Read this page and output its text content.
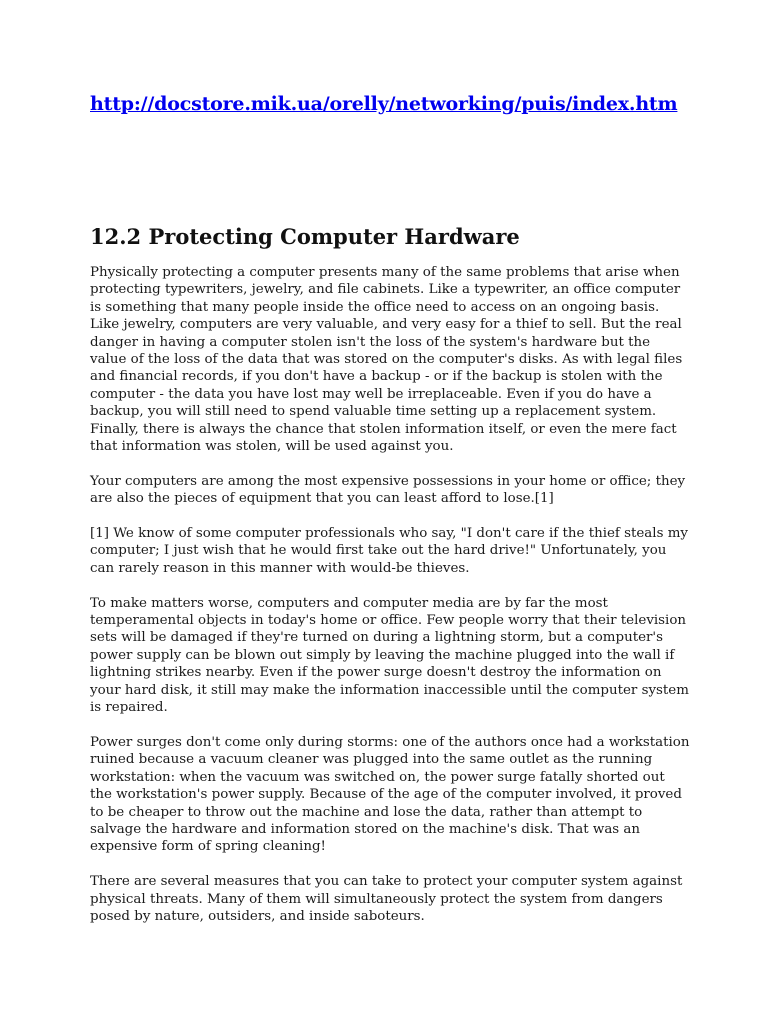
http://docstore.mik.ua/orelly/networking/puis/index.htm
12.2 Protecting Computer Hardware

Physically protecting a computer presents many of the same problems that arise when protecting typewriters, jewelry, and file cabinets. Like a typewriter, an office computer is something that many people inside the office need to access on an ongoing basis. Like jewelry, computers are very valuable, and very easy for a thief to sell. But the real danger in having a computer stolen isn't the loss of the system's hardware but the value of the loss of the data that was stored on the computer's disks. As with legal files and financial records, if you don't have a backup - or if the backup is stolen with the computer - the data you have lost may well be irreplaceable. Even if you do have a backup, you will still need to spend valuable time setting up a replacement system. Finally, there is always the chance that stolen information itself, or even the mere fact that information was stolen, will be used against you.

Your computers are among the most expensive possessions in your home or office; they are also the pieces of equipment that you can least afford to lose.[1]

[1] We know of some computer professionals who say, "I don't care if the thief steals my computer; I just wish that he would first take out the hard drive!" Unfortunately, you can rarely reason in this manner with would-be thieves.

To make matters worse, computers and computer media are by far the most temperamental objects in today's home or office. Few people worry that their television sets will be damaged if they're turned on during a lightning storm, but a computer's power supply can be blown out simply by leaving the machine plugged into the wall if lightning strikes nearby. Even if the power surge doesn't destroy the information on your hard disk, it still may make the information inaccessible until the computer system is repaired.

Power surges don't come only during storms: one of the authors once had a workstation ruined because a vacuum cleaner was plugged into the same outlet as the running workstation: when the vacuum was switched on, the power surge fatally shorted out the workstation's power supply. Because of the age of the computer involved, it proved to be cheaper to throw out the machine and lose the data, rather than attempt to salvage the hardware and information stored on the machine's disk. That was an expensive form of spring cleaning!

There are several measures that you can take to protect your computer system against physical threats. Many of them will simultaneously protect the system from dangers posed by nature, outsiders, and inside saboteurs.
